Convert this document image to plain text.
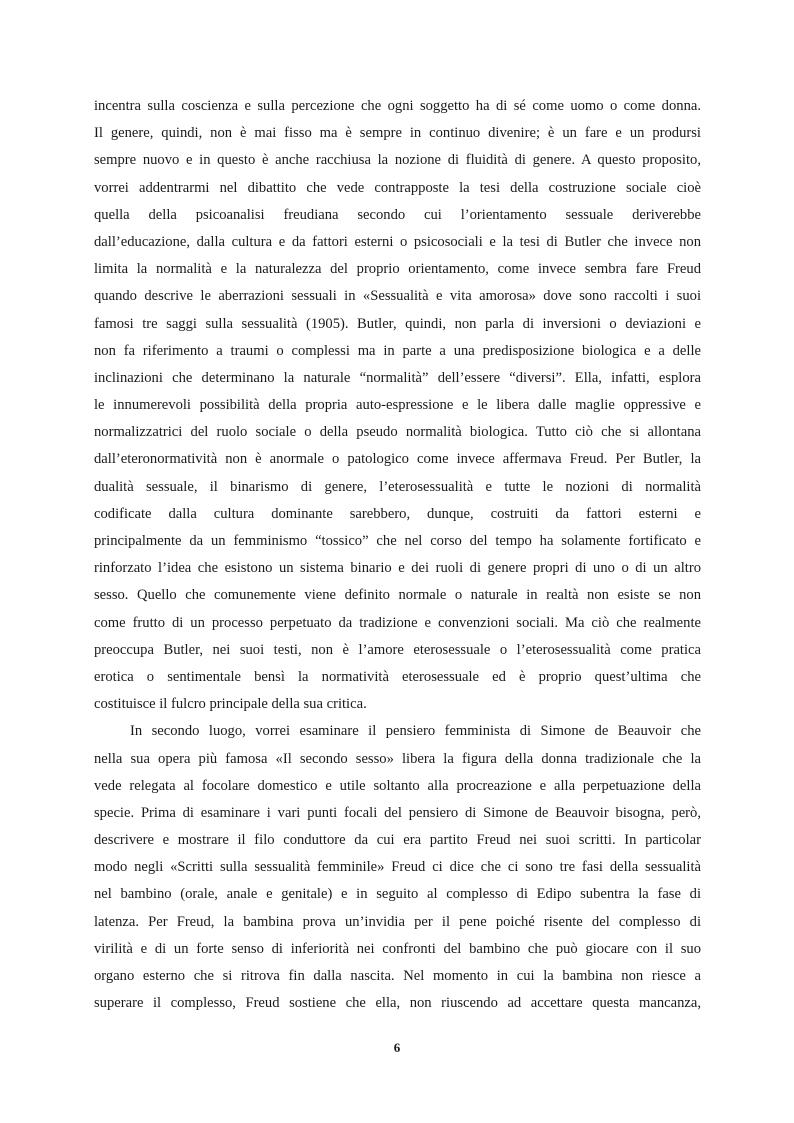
incentra sulla coscienza e sulla percezione che ogni soggetto ha di sé come uomo o come donna.
Il genere, quindi, non è mai fisso ma è sempre in continuo divenire; è un fare e un prodursi
sempre nuovo e in questo è anche racchiusa la nozione di fluidità di genere. A questo proposito,
vorrei addentrarmi nel dibattito che vede contrapposte la tesi della costruzione sociale cioè
quella della psicoanalisi freudiana secondo cui l’orientamento sessuale deriverebbe
dall’educazione, dalla cultura e da fattori esterni o psicosociali e la tesi di Butler che invece non
limita la normalità e la naturalezza del proprio orientamento, come invece sembra fare Freud
quando descrive le aberrazioni sessuali in «Sessualità e vita amorosa» dove sono raccolti i suoi
famosi tre saggi sulla sessualità (1905). Butler, quindi, non parla di inversioni o deviazioni e
non fa riferimento a traumi o complessi ma in parte a una predisposizione biologica e a delle
inclinazioni che determinano la naturale “normalità” dell’essere “diversi”. Ella, infatti, esplora
le innumerevoli possibilità della propria auto-espressione e le libera dalle maglie oppressive e
normalizzatrici del ruolo sociale o della pseudo normalità biologica. Tutto ciò che si allontana
dall’eteronormatività non è anormale o patologico come invece affermava Freud. Per Butler, la
dualità sessuale, il binarismo di genere, l’eterosessualità e tutte le nozioni di normalità
codificate dalla cultura dominante sarebbero, dunque, costruiti da fattori esterni e
principalmente da un femminismo “tossico” che nel corso del tempo ha solamente fortificato e
rinforzato l’idea che esistono un sistema binario e dei ruoli di genere propri di uno o di un altro
sesso. Quello che comunemente viene definito normale o naturale in realtà non esiste se non
come frutto di un processo perpetuato da tradizione e convenzioni sociali. Ma ciò che realmente
preoccupa Butler, nei suoi testi, non è l’amore eterosessuale o l’eterosessualità come pratica
erotica o sentimentale bensì la normatività eterosessuale ed è proprio quest’ultima che
costituisce il fulcro principale della sua critica.
In secondo luogo, vorrei esaminare il pensiero femminista di Simone de Beauvoir che
nella sua opera più famosa «Il secondo sesso» libera la figura della donna tradizionale che la
vede relegata al focolare domestico e utile soltanto alla procreazione e alla perpetuazione della
specie. Prima di esaminare i vari punti focali del pensiero di Simone de Beauvoir bisogna, però,
descrivere e mostrare il filo conduttore da cui era partito Freud nei suoi scritti. In particolar
modo negli «Scritti sulla sessualità femminile» Freud ci dice che ci sono tre fasi della sessualità
nel bambino (orale, anale e genitale) e in seguito al complesso di Edipo subentra la fase di
latenza. Per Freud, la bambina prova un’invidia per il pene poiché risente del complesso di
virilità e di un forte senso di inferiorità nei confronti del bambino che può giocare con il suo
organo esterno che si ritrova fin dalla nascita. Nel momento in cui la bambina non riesce a
superare il complesso, Freud sostiene che ella, non riuscendo ad accettare questa mancanza,
6
